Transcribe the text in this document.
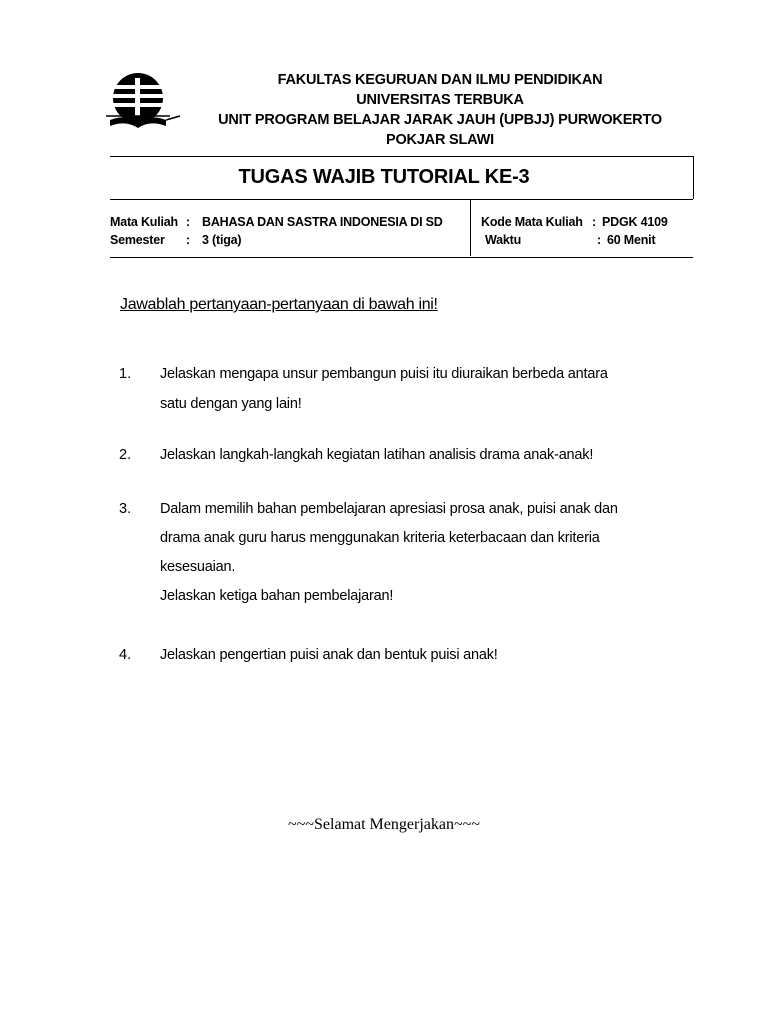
FAKULTAS KEGURUAN DAN ILMU PENDIDIKAN
UNIVERSITAS TERBUKA
UNIT PROGRAM BELAJAR JARAK JAUH (UPBJJ) PURWOKERTO
POKJAR SLAWI
TUGAS WAJIB TUTORIAL KE-3
Mata Kuliah : BAHASA DAN SASTRA INDONESIA DI SD
Semester : 3 (tiga)
Kode Mata Kuliah : PDGK 4109
Waktu	: 60 Menit
Jawablah pertanyaan-pertanyaan di bawah ini!
1. Jelaskan mengapa unsur pembangun puisi itu diuraikan berbeda antara
satu dengan yang lain!
2. Jelaskan langkah-langkah kegiatan latihan analisis drama anak-anak!
3. Dalam memilih bahan pembelajaran apresiasi prosa anak, puisi anak dan
drama anak guru harus menggunakan kriteria keterbacaan dan kriteria
kesesuaian.
Jelaskan ketiga bahan pembelajaran!
4. Jelaskan pengertian puisi anak dan bentuk puisi anak!
~~~Selamat Mengerjakan~~~
